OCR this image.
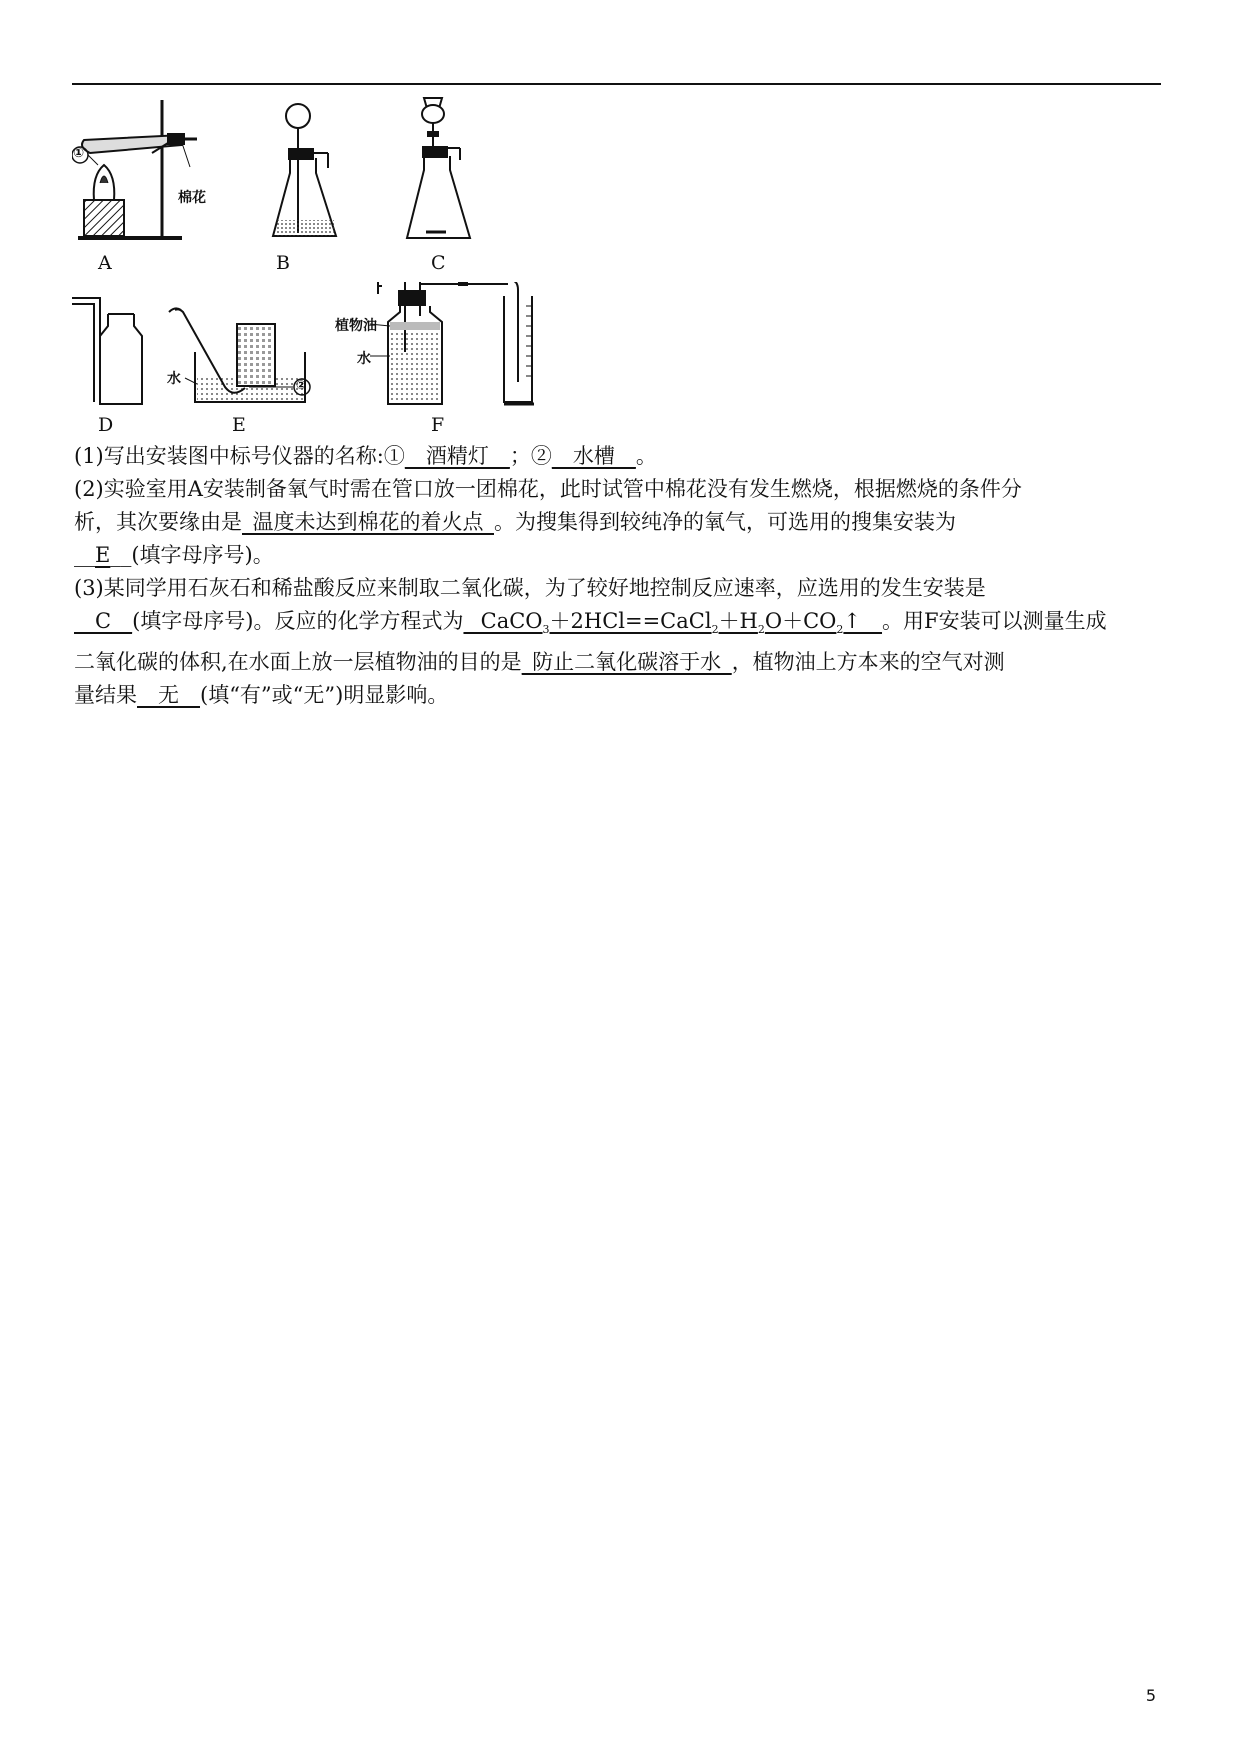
①
棉花
A	B	C
水	②
植物油
水
D	E	F
(1)写出安装图中标号仪器的名称:①__酒精灯__；②__水槽__。
(2)实验室用A安装制备氧气时需在管口放一团棉花，此时试管中棉花没有发生燃烧，根据燃烧的条件分
析，其次要缘由是_温度未达到棉花的着火点_。为搜集得到较纯净的氧气，可选用的搜集安装为
__E__(填字母序号)。
(3)某同学用石灰石和稀盐酸反应来制取二氧化碳，为了较好地控制反应速率，应选用的发生安装是
__C__(填字母序号)。反应的化学方程式为_ $CaCO_3+2HCl==CaCl_2+H_2O+CO_2↑\_\_$。用F安装可以测量生成
二氧化碳的体积,在水面上放一层植物油的目的是_防止二氧化碳溶于水_，植物油上方本来的空气对测
量结果__无__(填“有”或“无”)明显影响。
5
